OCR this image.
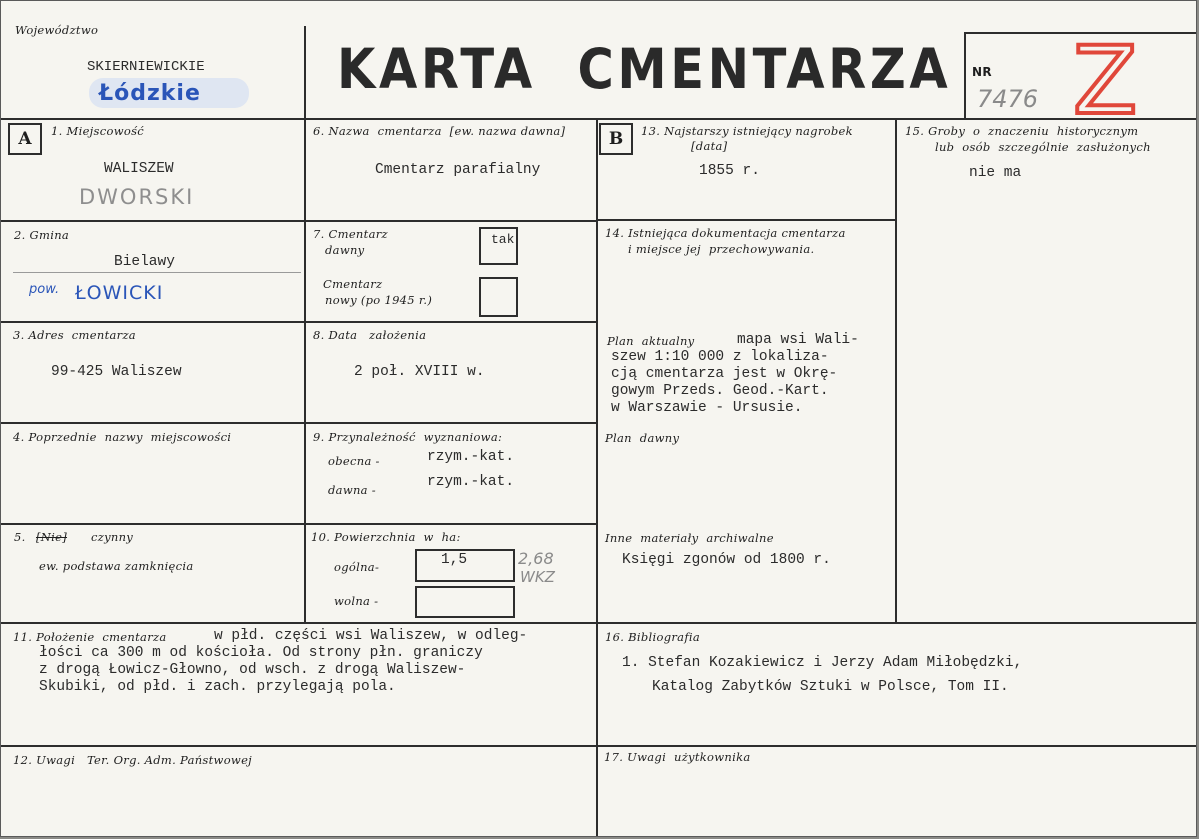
Województwo
SKIERNIEWICKIE
Łódzkie KARTA  CMENTARZA NR
7476 Z
A	1. Miejscowość
WALISZEW
DWORSKI
2. Gmina
Bielawy
pow. ŁOWICKI
3. Adres  cmentarza
99-425 Waliszew
4. Poprzednie  nazwy  miejscowości
5. [Nie] czynny
ew. podstawa zamknięcia
6. Nazwa  cmentarza  [ew. nazwa dawna]
Cmentarz parafialny
7. Cmentarz
dawny
tak
Cmentarz
nowy (po 1945 r.)
8. Data   założenia
2 poł. XVIII w.
9. Przynależność  wyznaniowa:
obecna -	rzym.-kat.
dawna -	rzym.-kat.
10. Powierzchnia  w  ha:
ogólna-	1,5	2,68
WKZ
wolna -
B	13. Najstarszy istniejący nagrobek
[data]
1855 r.
14. Istniejąca dokumentacja cmentarza
i miejsce jej  przechowywania.
Plan  aktualny	mapa wsi Wali-
szew 1:10 000 z lokaliza-
cją cmentarza jest w Okrę-
gowym Przeds. Geod.-Kart.
w Warszawie - Ursusie.
Plan  dawny
Inne  materiały  archiwalne
Księgi zgonów od 1800 r.
15. Groby  o  znaczeniu  historycznym
lub  osób  szczególnie  zasłużonych
nie ma
11. Położenie  cmentarza	w płd. części wsi Waliszew, w odleg-
łości ca 300 m od kościoła. Od strony płn. graniczy
z drogą Łowicz-Głowno, od wsch. z drogą Waliszew-
Skubiki, od płd. i zach. przylegają pola.
16. Bibliografia
1. Stefan Kozakiewicz i Jerzy Adam Miłobędzki,
Katalog Zabytków Sztuki w Polsce, Tom II.
12. Uwagi   Ter. Org. Adm. Państwowej	17. Uwagi  użytkownika
